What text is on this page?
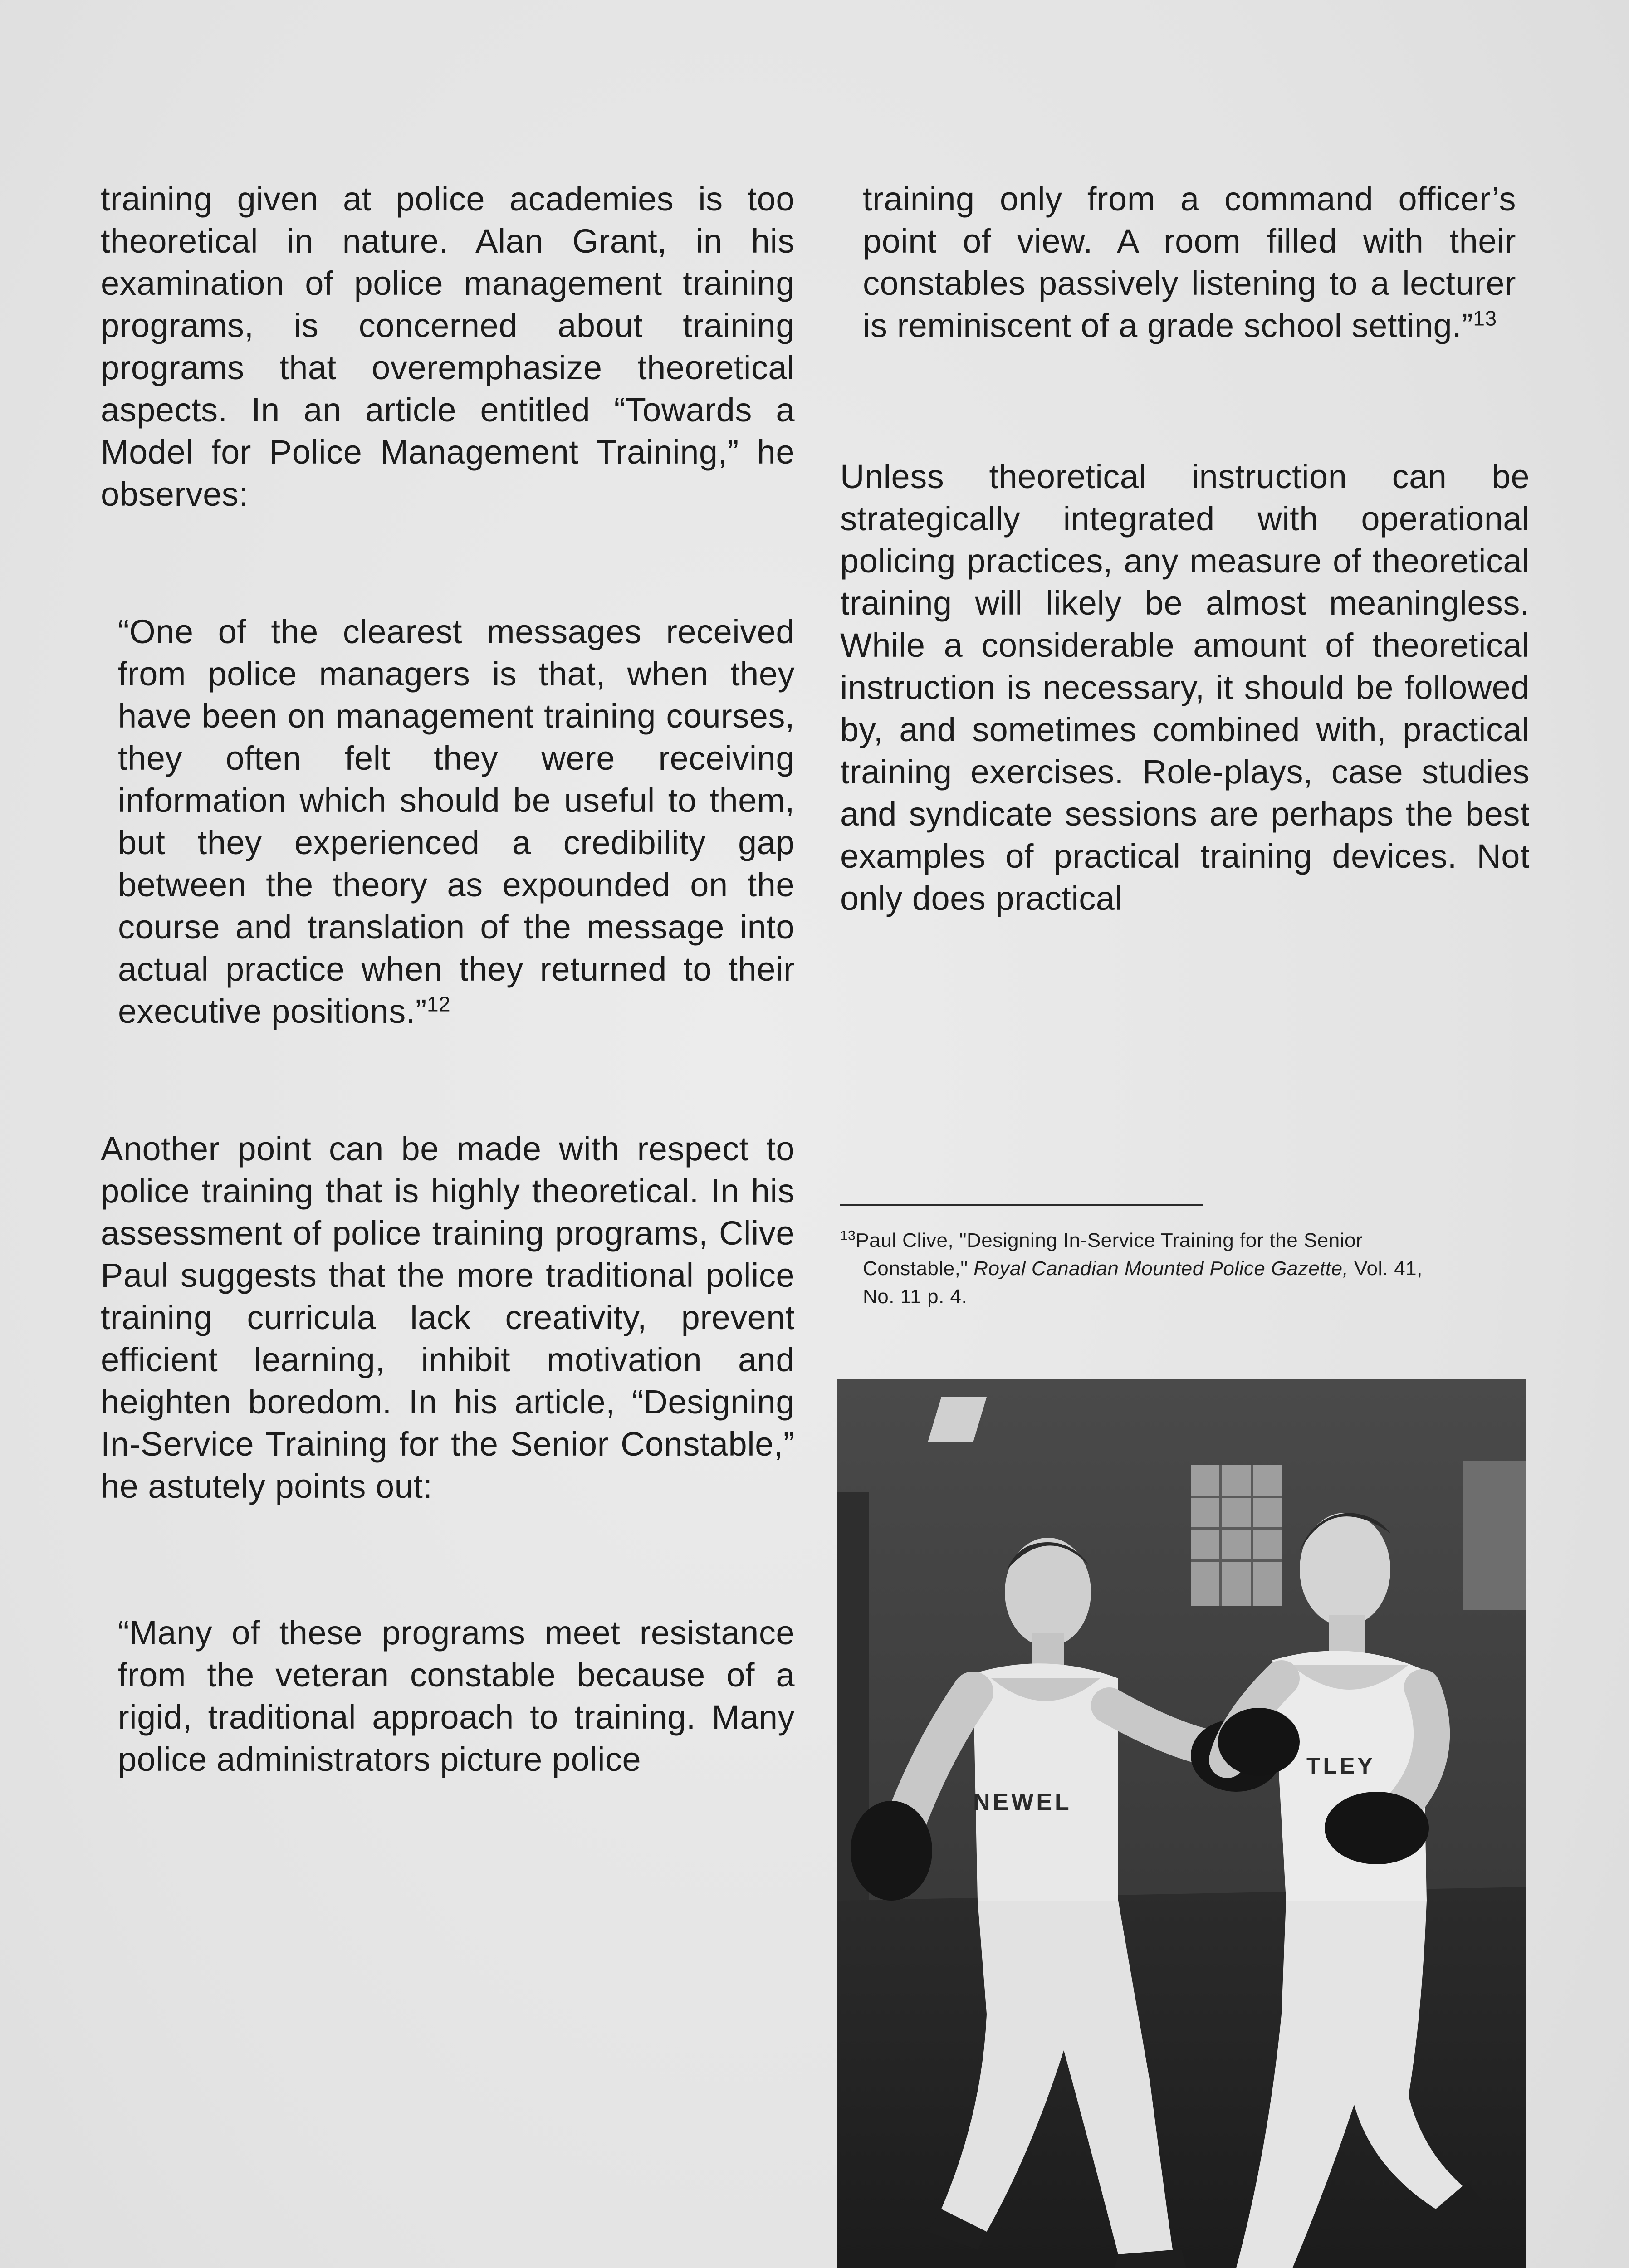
training given at police academies is too theoretical in nature. Alan Grant, in his examination of police management training programs, is concerned about training programs that overemphasize theoretical aspects. In an article entitled “Towards a Model for Police Management Training,” he observes:

“One of the clearest messages received from police managers is that, when they have been on management training courses, they often felt they were receiving information which should be useful to them, but they experienced a credibility gap between the theory as expounded on the course and translation of the message into actual practice when they returned to their executive positions.”$^{12}$

Another point can be made with respect to police training that is highly theoretical. In his assessment of police training programs, Clive Paul suggests that the more traditional police training curricula lack creativity, prevent efficient learning, inhibit motivation and heighten boredom. In his article, “Designing In-Service Training for the Senior Constable,” he astutely points out:

“Many of these programs meet resistance from the veteran constable because of a rigid, traditional approach to training. Many police administrators picture police

training only from a command officer’s point of view. A room filled with their constables passively listening to a lecturer is reminiscent of a grade school setting.”$^{13}$

Unless theoretical instruction can be strategically integrated with operational policing practices, any measure of theoretical training will likely be almost meaningless. While a considerable amount of theoretical instruction is necessary, it should be followed by, and sometimes combined with, practical training exercises. Role-plays, case studies and syndicate sessions are perhaps the best examples of practical training devices. Not only does practical

$^{13}$Paul Clive, "Designing In-Service Training for the Senior
Constable," Royal Canadian Mounted Police Gazette, Vol. 41,
No. 11 p. 4.

NEWEL
TLEY
